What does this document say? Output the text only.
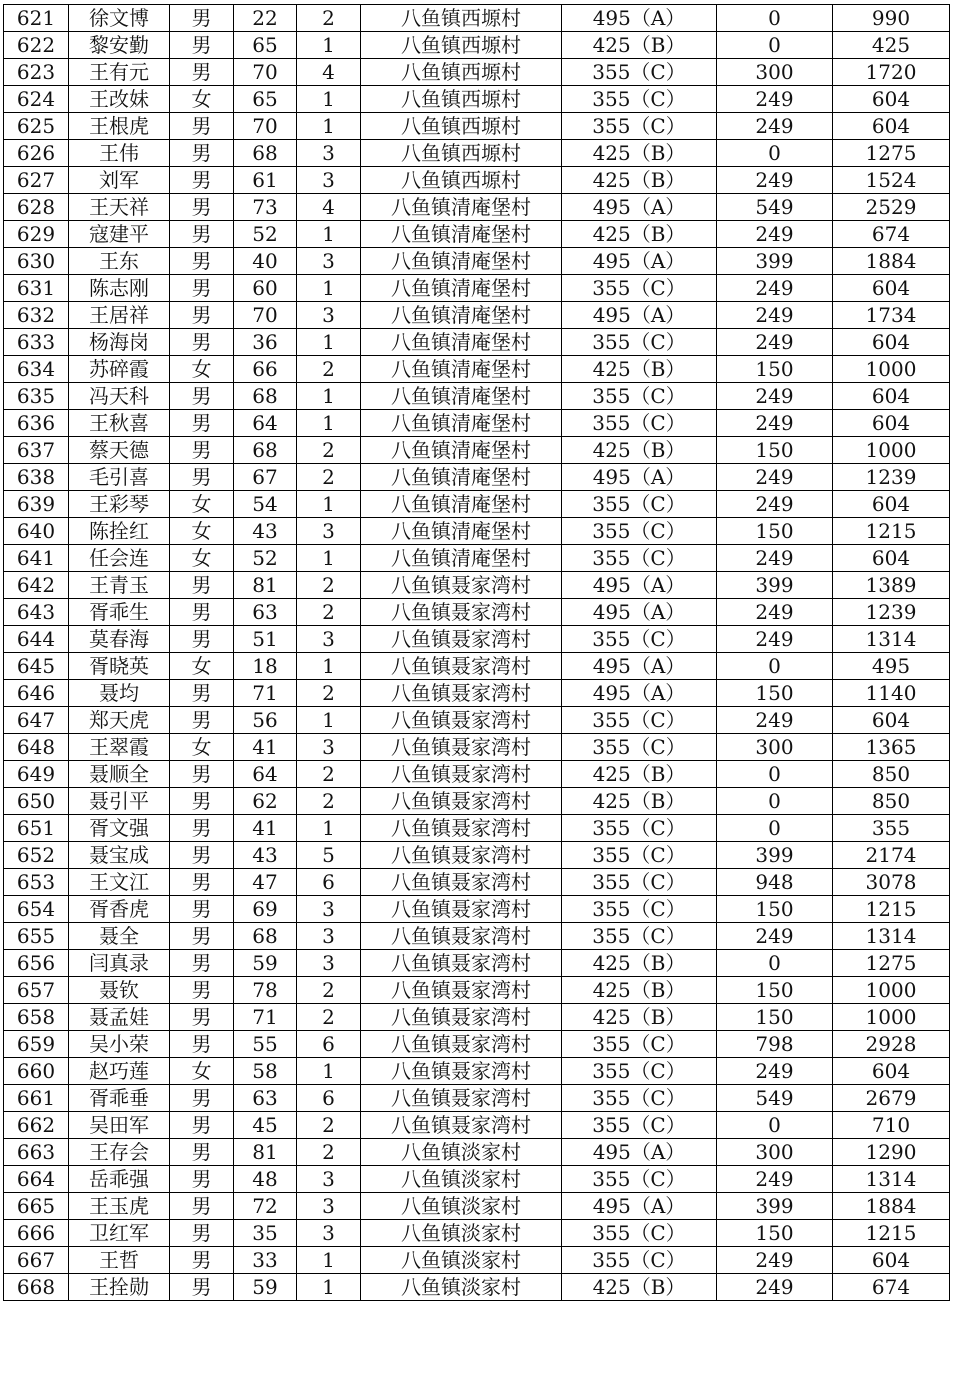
621	徐文博	男	22	2	八鱼镇西塬村	495（A）	0	990
622	黎安勤	男	65	1	八鱼镇西塬村	425（B）	0	425
623	王有元	男	70	4	八鱼镇西塬村	355（C）	300	1720
624	王改妹	女	65	1	八鱼镇西塬村	355（C）	249	604
625	王根虎	男	70	1	八鱼镇西塬村	355（C）	249	604
626	王伟	男	68	3	八鱼镇西塬村	425（B）	0	1275
627	刘军	男	61	3	八鱼镇西塬村	425（B）	249	1524
628	王天祥	男	73	4	八鱼镇清庵堡村	495（A）	549	2529
629	寇建平	男	52	1	八鱼镇清庵堡村	425（B）	249	674
630	王东	男	40	3	八鱼镇清庵堡村	495（A）	399	1884
631	陈志刚	男	60	1	八鱼镇清庵堡村	355（C）	249	604
632	王居祥	男	70	3	八鱼镇清庵堡村	495（A）	249	1734
633	杨海岗	男	36	1	八鱼镇清庵堡村	355（C）	249	604
634	苏碎霞	女	66	2	八鱼镇清庵堡村	425（B）	150	1000
635	冯天科	男	68	1	八鱼镇清庵堡村	355（C）	249	604
636	王秋喜	男	64	1	八鱼镇清庵堡村	355（C）	249	604
637	蔡天德	男	68	2	八鱼镇清庵堡村	425（B）	150	1000
638	毛引喜	男	67	2	八鱼镇清庵堡村	495（A）	249	1239
639	王彩琴	女	54	1	八鱼镇清庵堡村	355（C）	249	604
640	陈拴红	女	43	3	八鱼镇清庵堡村	355（C）	150	1215
641	任会连	女	52	1	八鱼镇清庵堡村	355（C）	249	604
642	王青玉	男	81	2	八鱼镇聂家湾村	495（A）	399	1389
643	胥乖生	男	63	2	八鱼镇聂家湾村	495（A）	249	1239
644	莫春海	男	51	3	八鱼镇聂家湾村	355（C）	249	1314
645	胥晓英	女	18	1	八鱼镇聂家湾村	495（A）	0	495
646	聂均	男	71	2	八鱼镇聂家湾村	495（A）	150	1140
647	郑天虎	男	56	1	八鱼镇聂家湾村	355（C）	249	604
648	王翠霞	女	41	3	八鱼镇聂家湾村	355（C）	300	1365
649	聂顺全	男	64	2	八鱼镇聂家湾村	425（B）	0	850
650	聂引平	男	62	2	八鱼镇聂家湾村	425（B）	0	850
651	胥文强	男	41	1	八鱼镇聂家湾村	355（C）	0	355
652	聂宝成	男	43	5	八鱼镇聂家湾村	355（C）	399	2174
653	王文江	男	47	6	八鱼镇聂家湾村	355（C）	948	3078
654	胥香虎	男	69	3	八鱼镇聂家湾村	355（C）	150	1215
655	聂全	男	68	3	八鱼镇聂家湾村	355（C）	249	1314
656	闫真录	男	59	3	八鱼镇聂家湾村	425（B）	0	1275
657	聂钦	男	78	2	八鱼镇聂家湾村	425（B）	150	1000
658	聂孟娃	男	71	2	八鱼镇聂家湾村	425（B）	150	1000
659	吴小荣	男	55	6	八鱼镇聂家湾村	355（C）	798	2928
660	赵巧莲	女	58	1	八鱼镇聂家湾村	355（C）	249	604
661	胥乖垂	男	63	6	八鱼镇聂家湾村	355（C）	549	2679
662	吴田军	男	45	2	八鱼镇聂家湾村	355（C）	0	710
663	王存会	男	81	2	八鱼镇淡家村	495（A）	300	1290
664	岳乖强	男	48	3	八鱼镇淡家村	355（C）	249	1314
665	王玉虎	男	72	3	八鱼镇淡家村	495（A）	399	1884
666	卫红军	男	35	3	八鱼镇淡家村	355（C）	150	1215
667	王哲	男	33	1	八鱼镇淡家村	355（C）	249	604
668	王拴勋	男	59	1	八鱼镇淡家村	425（B）	249	674
